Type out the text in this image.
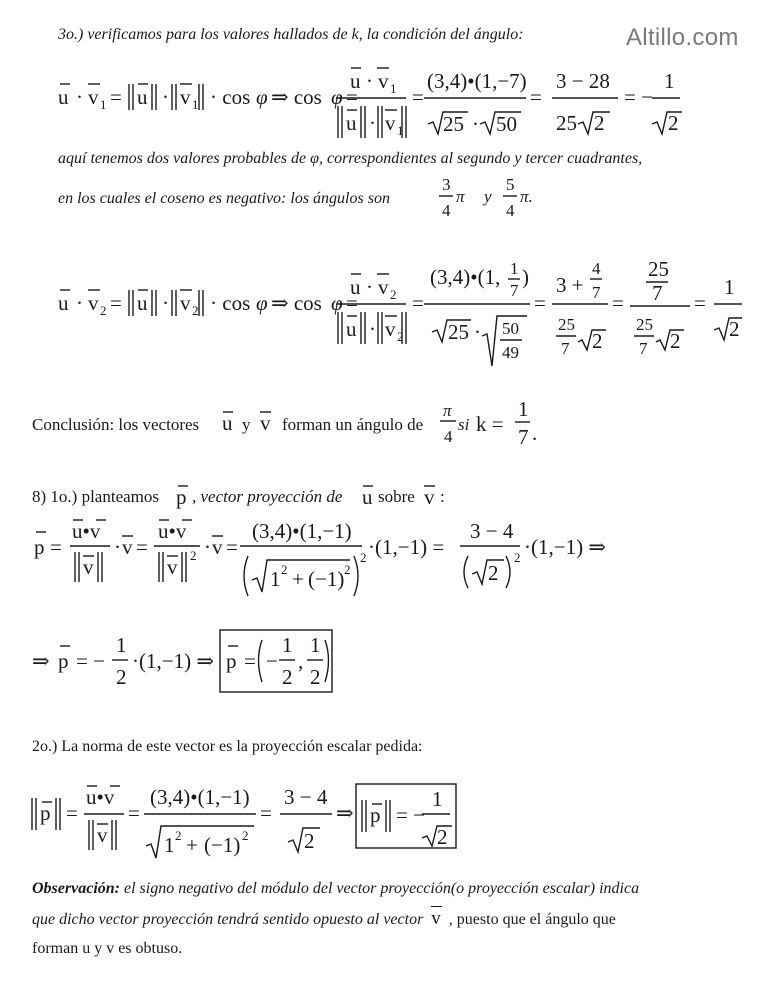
Altillo.com
3o.) verificamos para los valores hallados de k, la condición del ángulo:
u · v 1 = u · v 1 · cos φ ⇒ cos φ =
u · v 1
u · v 1
=
(3,4)•(1,−7)
25 · 50
=
3 − 28
25 2
= −
1
2
aquí tenemos dos valores probables de φ, correspondientes al segundo y tercer cuadrantes,
en los cuales el coseno es negativo: los ángulos son
3
4
π y
5
4
π.
u · v 2 = u · v 2 · cos φ ⇒ cos φ =
u · v 2
u · v 2
=
(3,4)•(1, 1
7
)
25 · 50
49
=
3 +
4
7
25
7 2
=
25
7
25
7 2
=
1
2
Conclusión: los vectores u y v forman un ángulo de
π
4
si k =
1
7 .
8) 1o.) planteamos p , vector proyección de u sobre v :
p =
u•v
v
· v =
u•v
v 2 · v =
(3,4)•(1,−1)
1 2 + (−1) 2
2 ·(1,−1) =
3 − 4
2
2 ·(1,−1) ⇒
⇒ p = −
1
2
·(1,−1) ⇒ p = −
1
2
,
1
2
2o.) La norma de este vector es la proyección escalar pedida:
p =
u•v
v
=
(3,4)•(1,−1)
1 2 + (−1) 2
=
3 − 4
2
⇒ p = −
1
2
Observación: el signo negativo del módulo del vector proyección(o proyección escalar) indica
que dicho vector proyección tendrá sentido opuesto al vector v , puesto que el ángulo que
forman u y v es obtuso.
